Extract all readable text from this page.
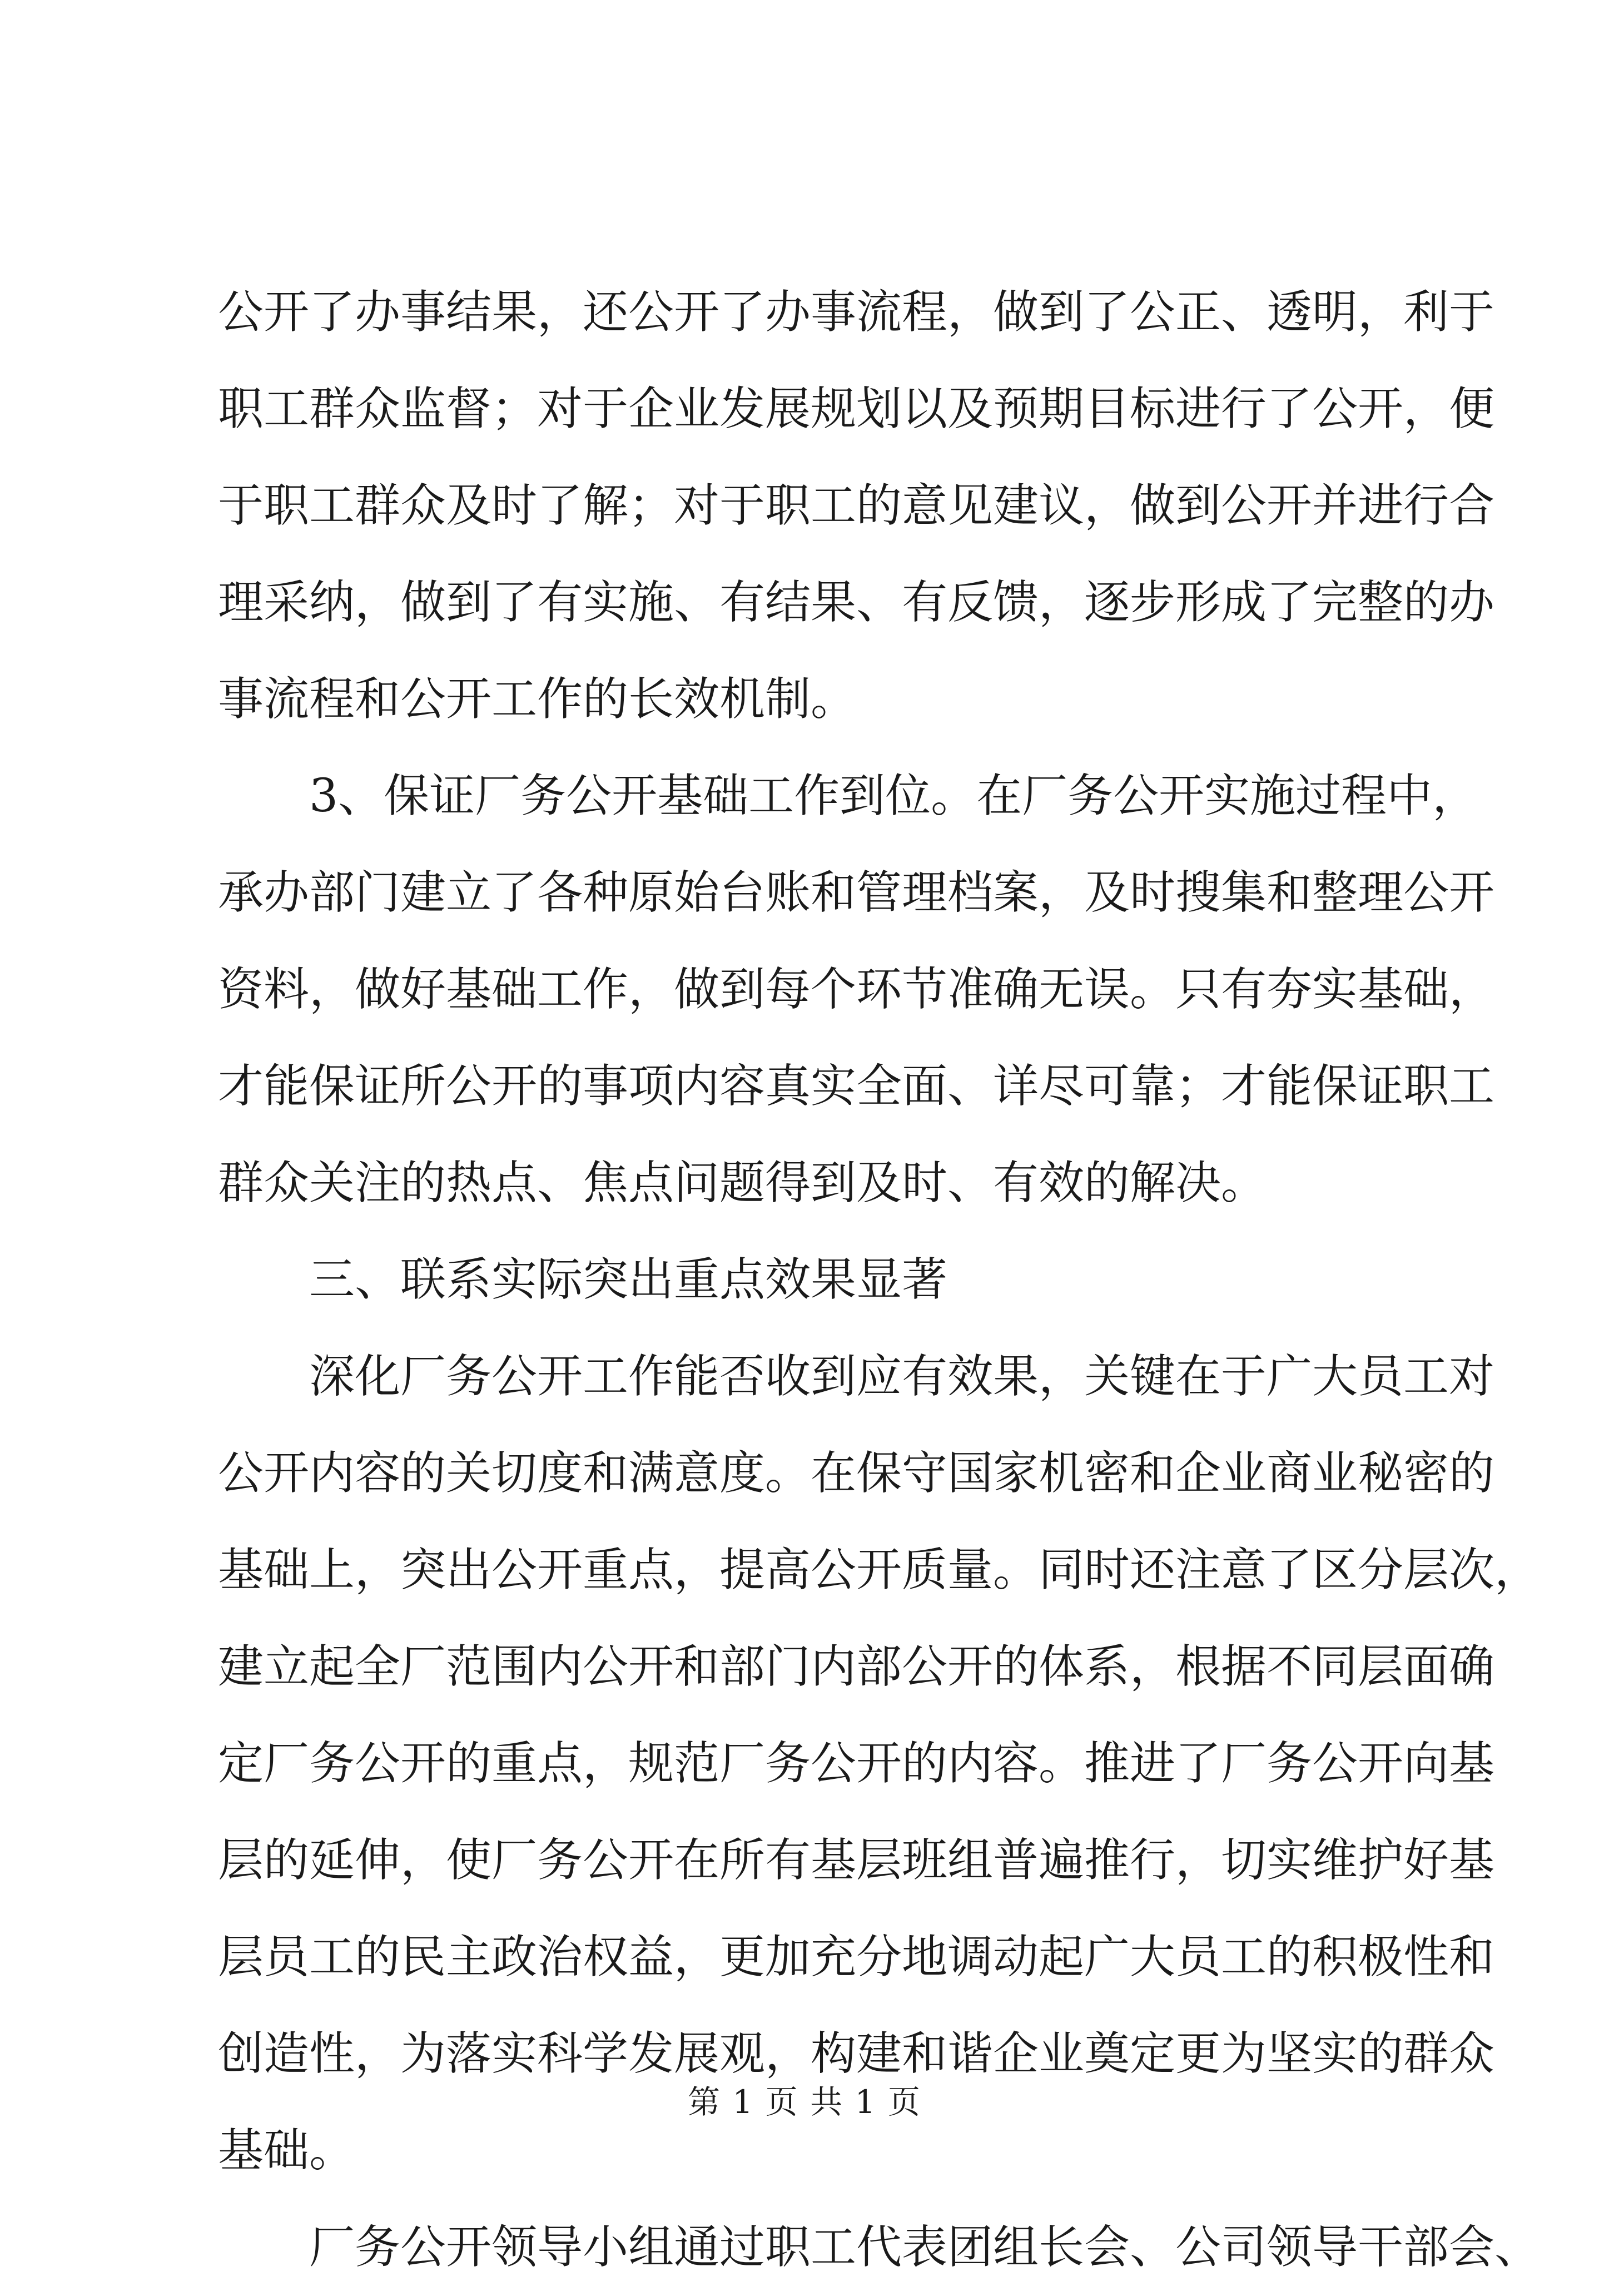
公开了办事结果，还公开了办事流程，做到了公正、透明，利于
职工群众监督；对于企业发展规划以及预期目标进行了公开，便
于职工群众及时了解；对于职工的意见建议，做到公开并进行合
理采纳，做到了有实施、有结果、有反馈，逐步形成了完整的办
事流程和公开工作的长效机制。
　　3、保证厂务公开基础工作到位。在厂务公开实施过程中，
承办部门建立了各种原始台账和管理档案，及时搜集和整理公开
资料，做好基础工作，做到每个环节准确无误。只有夯实基础，
才能保证所公开的事项内容真实全面、详尽可靠；才能保证职工
群众关注的热点、焦点问题得到及时、有效的解决。
　　三、联系实际突出重点效果显著
　　深化厂务公开工作能否收到应有效果，关键在于广大员工对
公开内容的关切度和满意度。在保守国家机密和企业商业秘密的
基础上，突出公开重点，提高公开质量。同时还注意了区分层次，
建立起全厂范围内公开和部门内部公开的体系，根据不同层面确
定厂务公开的重点，规范厂务公开的内容。推进了厂务公开向基
层的延伸，使厂务公开在所有基层班组普遍推行，切实维护好基
层员工的民主政治权益，更加充分地调动起广大员工的积极性和
创造性，为落实科学发展观，构建和谐企业奠定更为坚实的群众
基础。
　　厂务公开领导小组通过职工代表团组长会、公司领导干部会、
第 1 页 共 1 页
